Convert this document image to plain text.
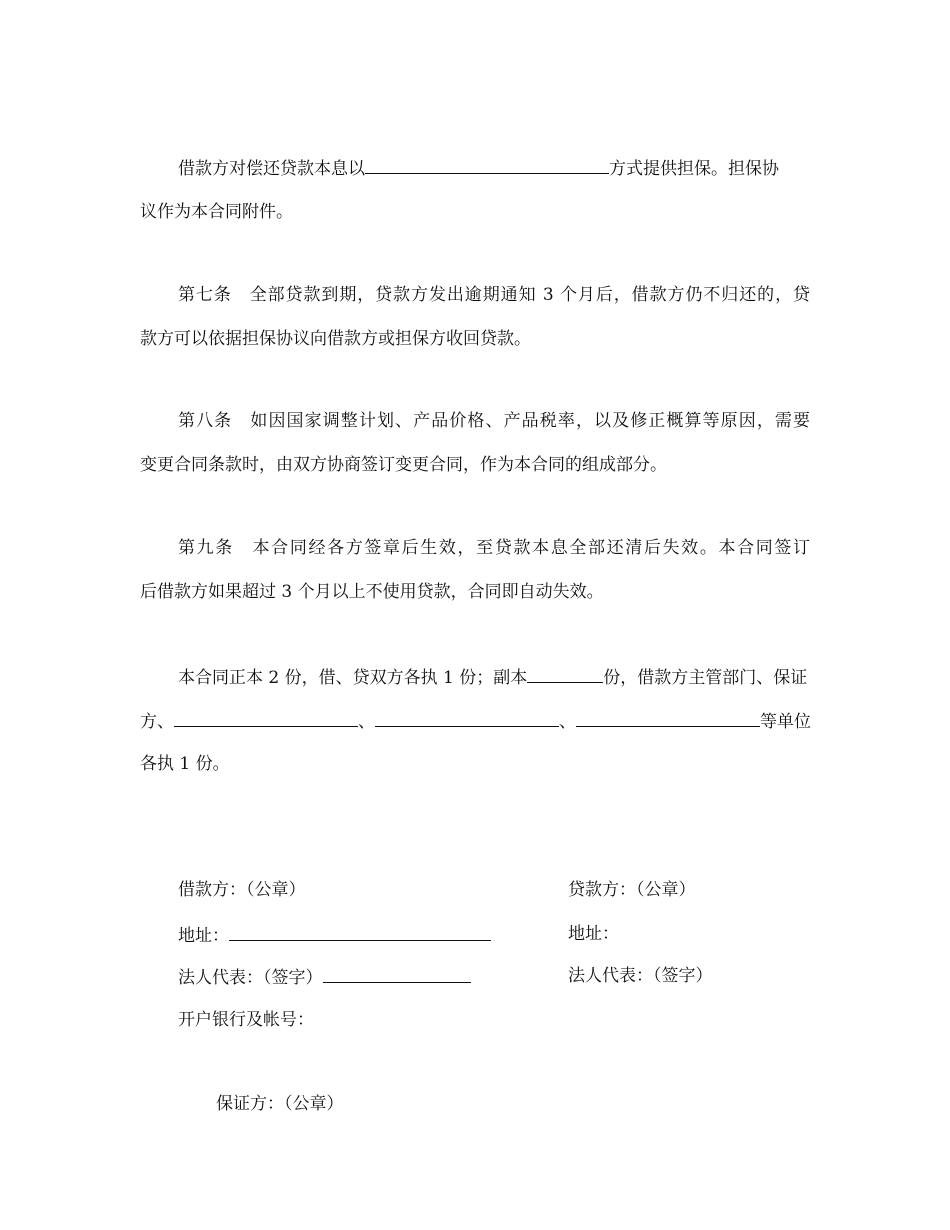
借款方对偿还贷款本息以	方式提供担保。担保协
议作为本合同附件。
第七条　全部贷款到期，贷款方发出逾期通知 3 个月后，借款方仍不归还的，贷
款方可以依据担保协议向借款方或担保方收回贷款。
第八条　如因国家调整计划、产品价格、产品税率，以及修正概算等原因，需要
变更合同条款时，由双方协商签订变更合同，作为本合同的组成部分。
第九条　本合同经各方签章后生效，至贷款本息全部还清后失效。本合同签订
后借款方如果超过 3 个月以上不使用贷款，合同即自动失效。
本合同正本 2 份，借、贷双方各执 1 份；副本	份，借款方主管部门、保证
方、	、	、	等单位
各执 1 份。
借款方：（公章）
地址：
法人代表：（签字）
开户银行及帐号：
贷款方：（公章）
地址：
法人代表：（签字）
保证方：（公章）
